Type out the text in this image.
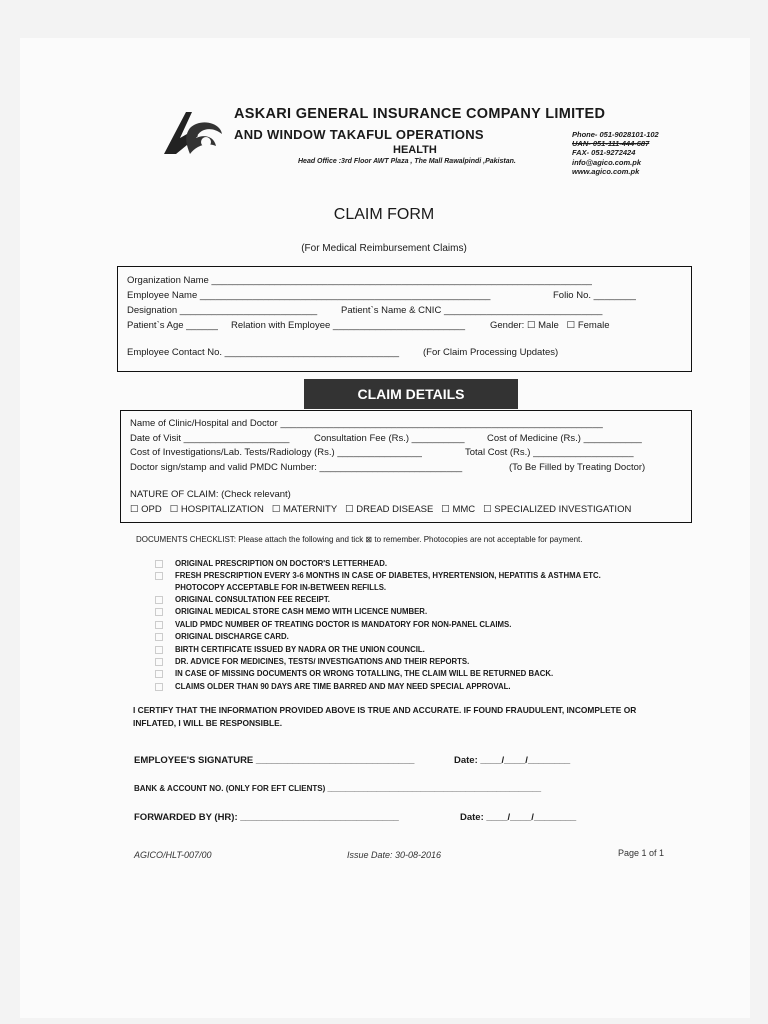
ASKARI GENERAL INSURANCE COMPANY LIMITED
AND WINDOW TAKAFUL OPERATIONS
HEALTH
Head Office :3rd Floor AWT Plaza , The Mall Rawalpindi ,Pakistan.
Phone- 051-9028101-102
UAN- 051-111-444-687
FAX- 051-9272424
info@agico.com.pk
www.agico.com.pk
CLAIM FORM
(For Medical Reimbursement Claims)
Organization Name ________________________________________________________________________
Employee Name _______________________________________________________	Folio No. ________
Designation __________________________	Patient`s Name & CNIC ______________________________
Patient`s Age ______ Relation with Employee _________________________	Gender: ☐ Male ☐ Female
Employee Contact No. _________________________________	(For Claim Processing Updates)
CLAIM DETAILS
Name of Clinic/Hospital and Doctor _____________________________________________________________
Date of Visit ____________________	Consultation Fee (Rs.) __________ Cost of Medicine (Rs.) ___________
Cost of Investigations/Lab. Tests/Radiology (Rs.) ________________	Total Cost (Rs.) ___________________
Doctor sign/stamp and valid PMDC Number: ___________________________	(To Be Filled by Treating Doctor)
NATURE OF CLAIM: (Check relevant)
☐ OPD ☐ HOSPITALIZATION ☐ MATERNITY ☐ DREAD DISEASE ☐ MMC ☐ SPECIALIZED INVESTIGATION
DOCUMENTS CHECKLIST: Please attach the following and tick ⊠ to remember. Photocopies are not acceptable for payment.
ORIGINAL PRESCRIPTION ON DOCTOR'S LETTERHEAD.
FRESH PRESCRIPTION EVERY 3-6 MONTHS IN CASE OF DIABETES, HYRERTENSION, HEPATITIS & ASTHMA ETC.
PHOTOCOPY ACCEPTABLE FOR IN-BETWEEN REFILLS.
ORIGINAL CONSULTATION FEE RECEIPT.
ORIGINAL MEDICAL STORE CASH MEMO WITH LICENCE NUMBER.
VALID PMDC NUMBER OF TREATING DOCTOR IS MANDATORY FOR NON-PANEL CLAIMS.
ORIGINAL DISCHARGE CARD.
BIRTH CERTIFICATE ISSUED BY NADRA OR THE UNION COUNCIL.
DR. ADVICE FOR MEDICINES, TESTS/ INVESTIGATIONS AND THEIR REPORTS.
IN CASE OF MISSING DOCUMENTS OR WRONG TOTALLING, THE CLAIM WILL BE RETURNED BACK.
CLAIMS OLDER THAN 90 DAYS ARE TIME BARRED AND MAY NEED SPECIAL APPROVAL.
I CERTIFY THAT THE INFORMATION PROVIDED ABOVE IS TRUE AND ACCURATE. IF FOUND FRAUDULENT, INCOMPLETE OR INFLATED, I WILL BE RESPONSIBLE.
EMPLOYEE'S SIGNATURE ______________________________	Date: ____/____/________
BANK & ACCOUNT NO. (ONLY FOR EFT CLIENTS) ________________________________________________
FORWARDED BY (HR): ______________________________	Date: ____/____/________
AGICO/HLT-007/00	Issue Date: 30-08-2016	Page 1 of 1
